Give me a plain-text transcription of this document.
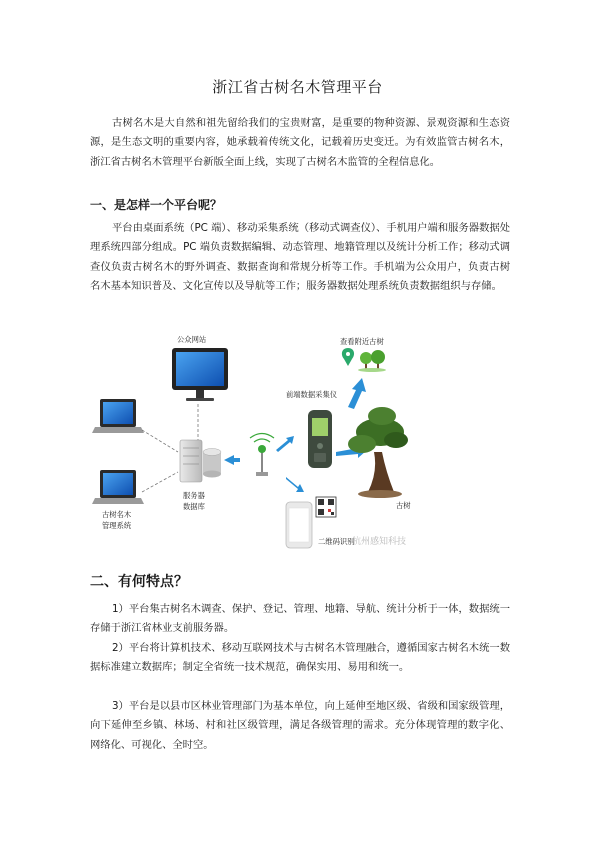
浙江省古树名木管理平台

古树名木是大自然和祖先留给我们的宝贵财富，是重要的物种资源、景观资源和生态资源，是生态文明的重要内容，她承载着传统文化，记载着历史变迁。为有效监管古树名木，浙江省古树名木管理平台新版全面上线，实现了古树名木监管的全程信息化。

一、是怎样一个平台呢？

平台由桌面系统（PC 端）、移动采集系统（移动式调查仪）、手机用户端和服务器数据处理系统四部分组成。PC 端负责数据编辑、动态管理、地籍管理以及统计分析工作；移动式调查仪负责古树名木的野外调查、数据查询和常规分析等工作。手机端为公众用户，负责古树名木基本知识普及、文化宣传以及导航等工作；服务器数据处理系统负责数据组织与存储。

公众网站
古树名木
管理系统
服务器
数据库
前端数据采集仪
查看附近古树
古树
二维码识别
杭州感知科技

二、有何特点？

1）平台集古树名木调查、保护、登记、管理、地籍、导航、统计分析于一体，数据统一存储于浙江省林业支前服务器。

2）平台将计算机技术、移动互联网技术与古树名木管理融合，遵循国家古树名木统一数据标准建立数据库；制定全省统一技术规范，确保实用、易用和统一。

3）平台是以县市区林业管理部门为基本单位，向上延伸至地区级、省级和国家级管理，向下延伸至乡镇、林场、村和社区级管理，满足各级管理的需求。充分体现管理的数字化、网络化、可视化、全时空。
